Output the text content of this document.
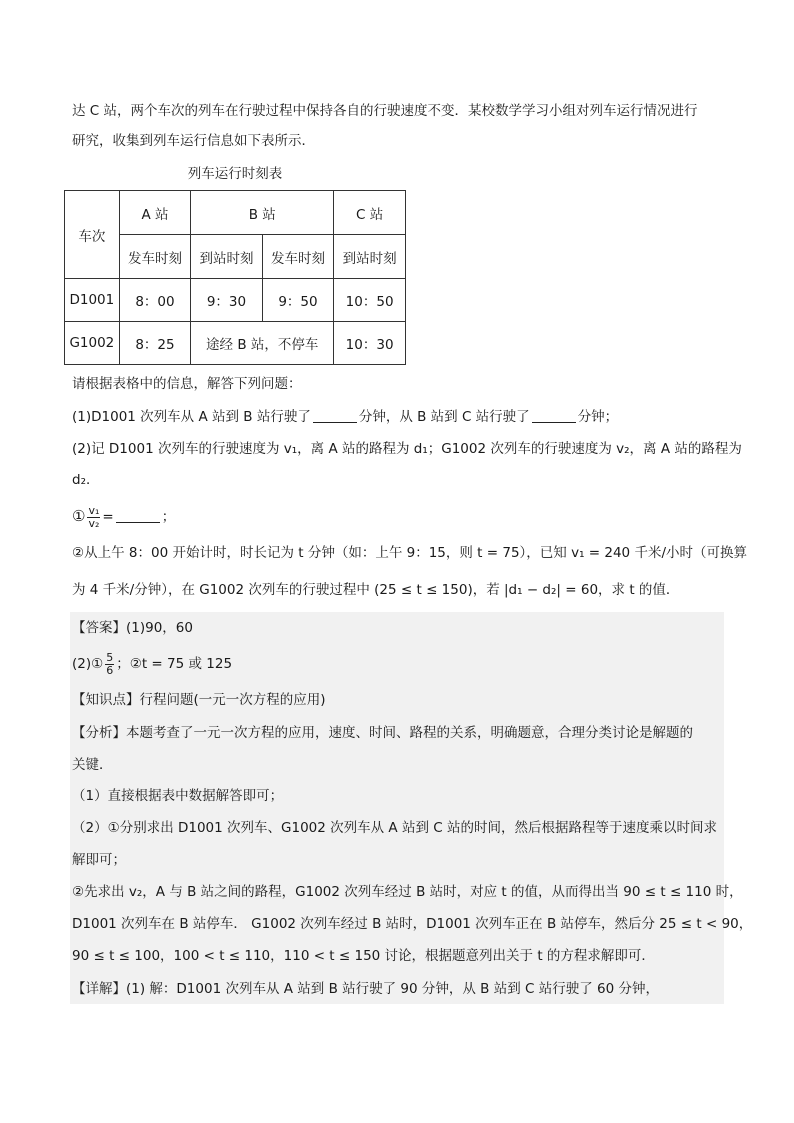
达 C 站，两个车次的列车在行驶过程中保持各自的行驶速度不变．某校数学学习小组对列车运行情况进行
研究，收集到列车运行信息如下表所示．
列车运行时刻表
车次	A 站	B 站		C 站
	发车时刻	到站时刻	发车时刻	到站时刻
D1001	8：00	9：30	9：50	10：50
G1002	8：25	途经 B 站，不停车		10：30
请根据表格中的信息，解答下列问题：
(1)D1001 次列车从 A 站到 B 站行驶了	分钟，从 B 站到 C 站行驶了	分钟；
(2)记 D1001 次列车的行驶速度为 v₁，离 A 站的路程为 d₁；G1002 次列车的行驶速度为 v₂，离 A 站的路程为
d₂．
① $\frac{\text{v₁}}{\text{v₂}}$ =	；
②从上午 8：00 开始计时，时长记为 t 分钟（如：上午 9：15，则 t = 75），已知 v₁ = 240 千米/小时（可换算
为 4 千米/分钟），在 G1002 次列车的行驶过程中 (25 ≤ t ≤ 150)，若 |d₁ − d₂| = 60，求 t 的值．
【答案】(1)90，60
(2)① $\frac{5}{6}$ ；②t = 75 或 125
【知识点】行程问题(一元一次方程的应用)
【分析】本题考查了一元一次方程的应用，速度、时间、路程的关系，明确题意，合理分类讨论是解题的
关键．
（1）直接根据表中数据解答即可；
（2）①分别求出 D1001 次列车、G1002 次列车从 A 站到 C 站的时间，然后根据路程等于速度乘以时间求
解即可；
②先求出 v₂，A 与 B 站之间的路程，G1002 次列车经过 B 站时，对应 t 的值，从而得出当 90 ≤ t ≤ 110 时，
D1001 次列车在 B 站停车． G1002 次列车经过 B 站时，D1001 次列车正在 B 站停车，然后分 25 ≤ t < 90，
90 ≤ t ≤ 100，100 < t ≤ 110，110 < t ≤ 150 讨论，根据题意列出关于 t 的方程求解即可．
【详解】(1) 解：D1001 次列车从 A 站到 B 站行驶了 90 分钟，从 B 站到 C 站行驶了 60 分钟，
